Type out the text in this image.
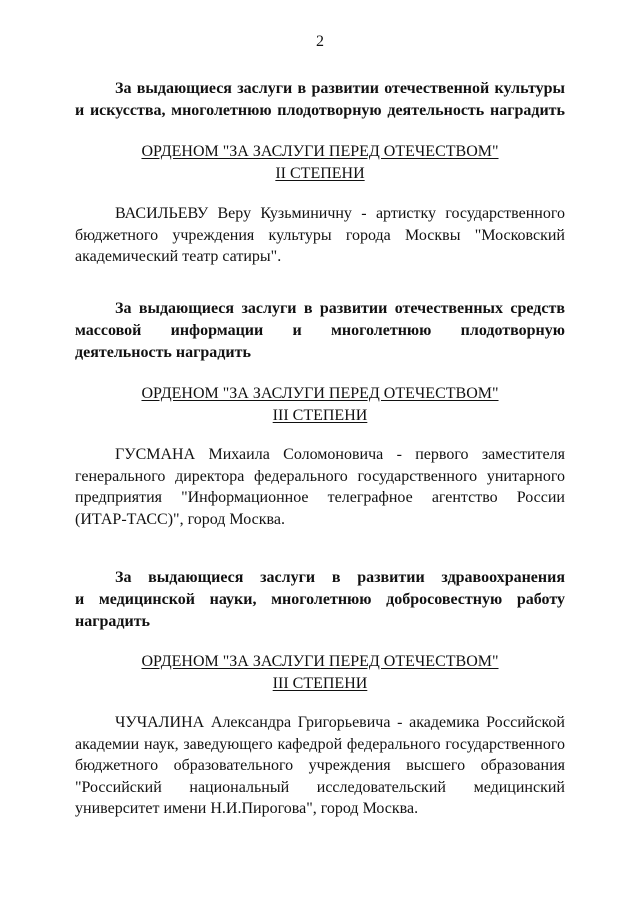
2
За выдающиеся заслуги в развитии отечественной культуры
и искусства, многолетнюю плодотворную деятельность наградить
ОРДЕНОМ "ЗА ЗАСЛУГИ ПЕРЕД ОТЕЧЕСТВОМ"
II СТЕПЕНИ
ВАСИЛЬЕВУ Веру Кузьминичну - артистку государственного
бюджетного учреждения культуры города Москвы "Московский
академический театр сатиры".
За выдающиеся заслуги в развитии отечественных средств
массовой информации и многолетнюю плодотворную
деятельность наградить
ОРДЕНОМ "ЗА ЗАСЛУГИ ПЕРЕД ОТЕЧЕСТВОМ"
III СТЕПЕНИ
ГУСМАНА Михаила Соломоновича - первого заместителя
генерального директора федерального государственного унитарного
предприятия "Информационное телеграфное агентство России
(ИТАР-ТАСС)", город Москва.
За выдающиеся заслуги в развитии здравоохранения
и медицинской науки, многолетнюю добросовестную работу
наградить
ОРДЕНОМ "ЗА ЗАСЛУГИ ПЕРЕД ОТЕЧЕСТВОМ"
III СТЕПЕНИ
ЧУЧАЛИНА Александра Григорьевича - академика Российской
академии наук, заведующего кафедрой федерального государственного
бюджетного образовательного учреждения высшего образования
"Российский национальный исследовательский медицинский
университет имени Н.И.Пирогова", город Москва.
